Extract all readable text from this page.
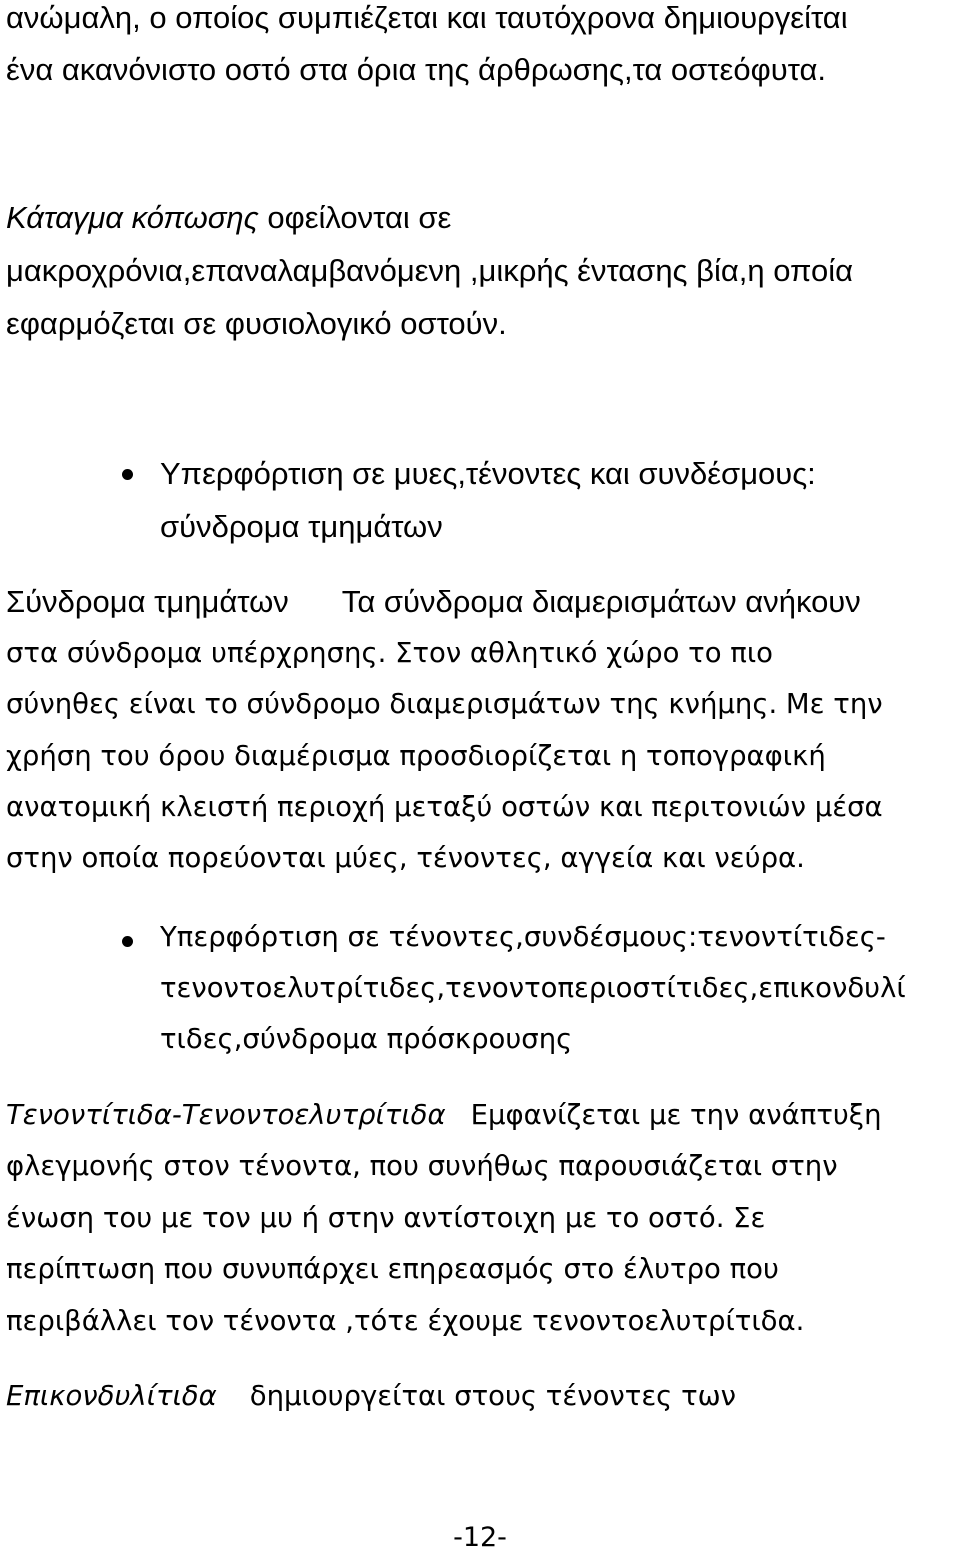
ανώμαλη, ο οποίος συμπιέζεται και ταυτόχρονα δημιουργείται
ένα ακανόνιστο οστό στα όρια της άρθρωσης,τα οστεόφυτα.
Κάταγμα κόπωσης οφείλονται σε
μακροχρόνια,επαναλαμβανόμενη ,μικρής έντασης βία,η οποία
εφαρμόζεται σε φυσιολογικό οστούν.
Υπερφόρτιση σε μυες,τένοντες και συνδέσμους:
σύνδρομα τμημάτων
Σύνδρομα τμημάτων Τα σύνδρομα διαμερισμάτων ανήκουν
στα σύνδρομα υπέρχρησης. Στον αθλητικό χώρο το πιο
σύνηθες είναι το σύνδρομο διαμερισμάτων της κνήμης. Με την
χρήση του όρου διαμέρισμα προσδιορίζεται η τοπογραφική
ανατομική κλειστή περιοχή μεταξύ οστών και περιτονιών μέσα
στην οποία πορεύονται μύες, τένοντες, αγγεία και νεύρα.
Υπερφόρτιση σε τένοντες,συνδέσμους:τενοντίτιδες-
τενοντοελυτρίτιδες,τενοντοπεριοστίτιδες,επικονδυλί
τιδες,σύνδρομα πρόσκρουσης
Τενοντίτιδα-Τενοντοελυτρίτιδα Εμφανίζεται με την ανάπτυξη
φλεγμονής στον τένοντα, που συνήθως παρουσιάζεται στην
ένωση του με τον μυ ή στην αντίστοιχη με το οστό. Σε
περίπτωση που συνυπάρχει επηρεασμός στο έλυτρο που
περιβάλλει τον τένοντα ,τότε έχουμε τενοντοελυτρίτιδα.
Επικονδυλίτιδα δημιουργείται στους τένοντες των
-12-
